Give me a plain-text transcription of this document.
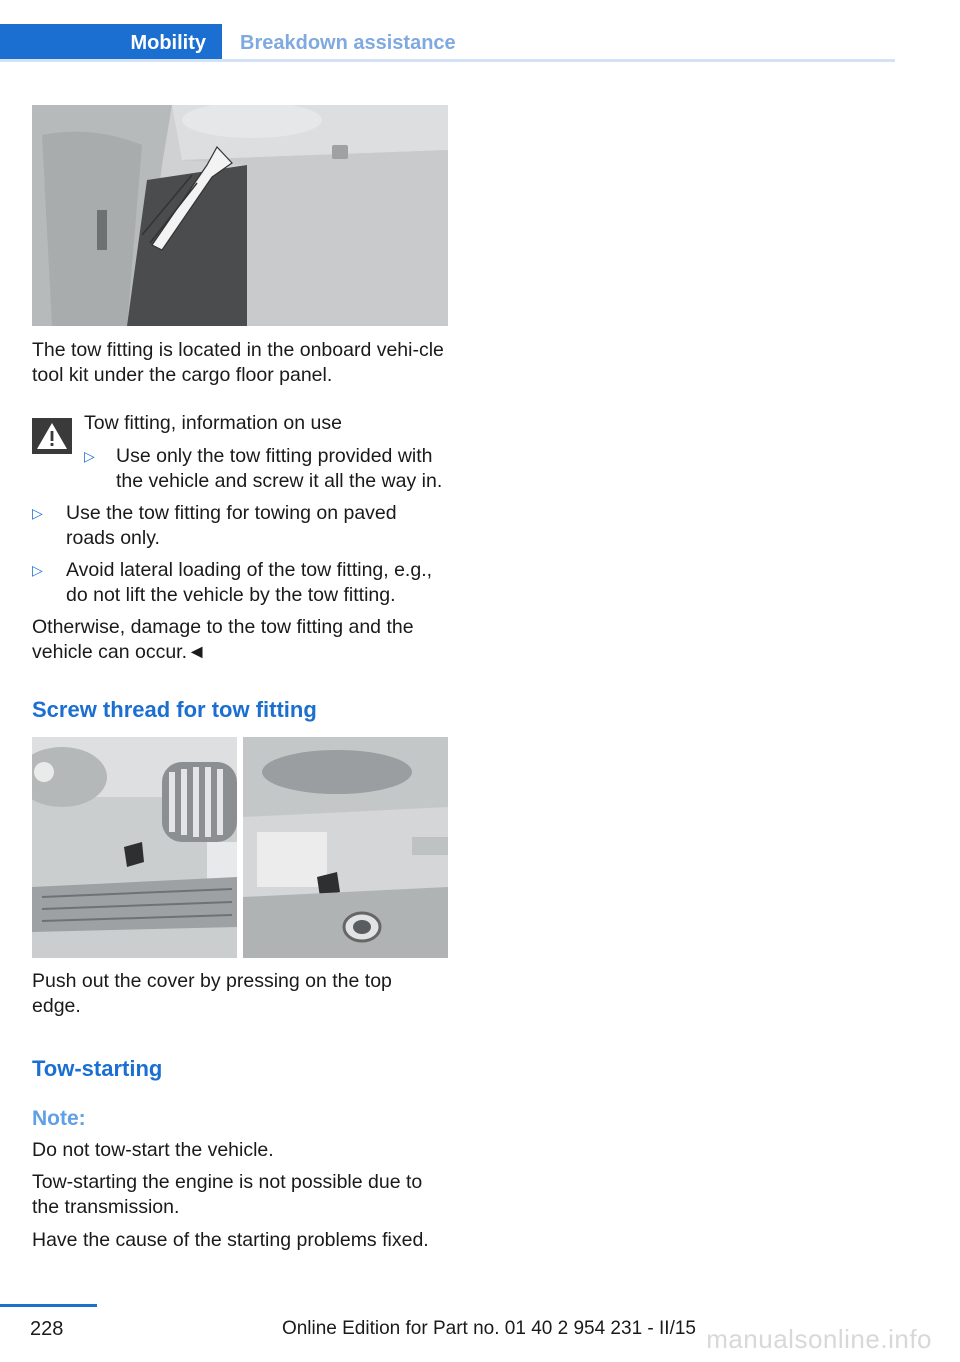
Mobility Breakdown assistance

The tow fitting is located in the onboard vehi-cle tool kit under the cargo floor panel.

Tow fitting, information on use
▷ Use only the tow fitting provided with the vehicle and screw it all the way in.
▷ Use the tow fitting for towing on paved roads only.
▷ Avoid lateral loading of the tow fitting, e.g., do not lift the vehicle by the tow fitting.

Otherwise, damage to the tow fitting and the vehicle can occur.◄

Screw thread for tow fitting

Push out the cover by pressing on the top edge.

Tow-starting
Note:

Do not tow-start the vehicle.

Tow-starting the engine is not possible due to the transmission.

Have the cause of the starting problems fixed.

228	Online Edition for Part no. 01 40 2 954 231 - II/15 manualsonline.info
